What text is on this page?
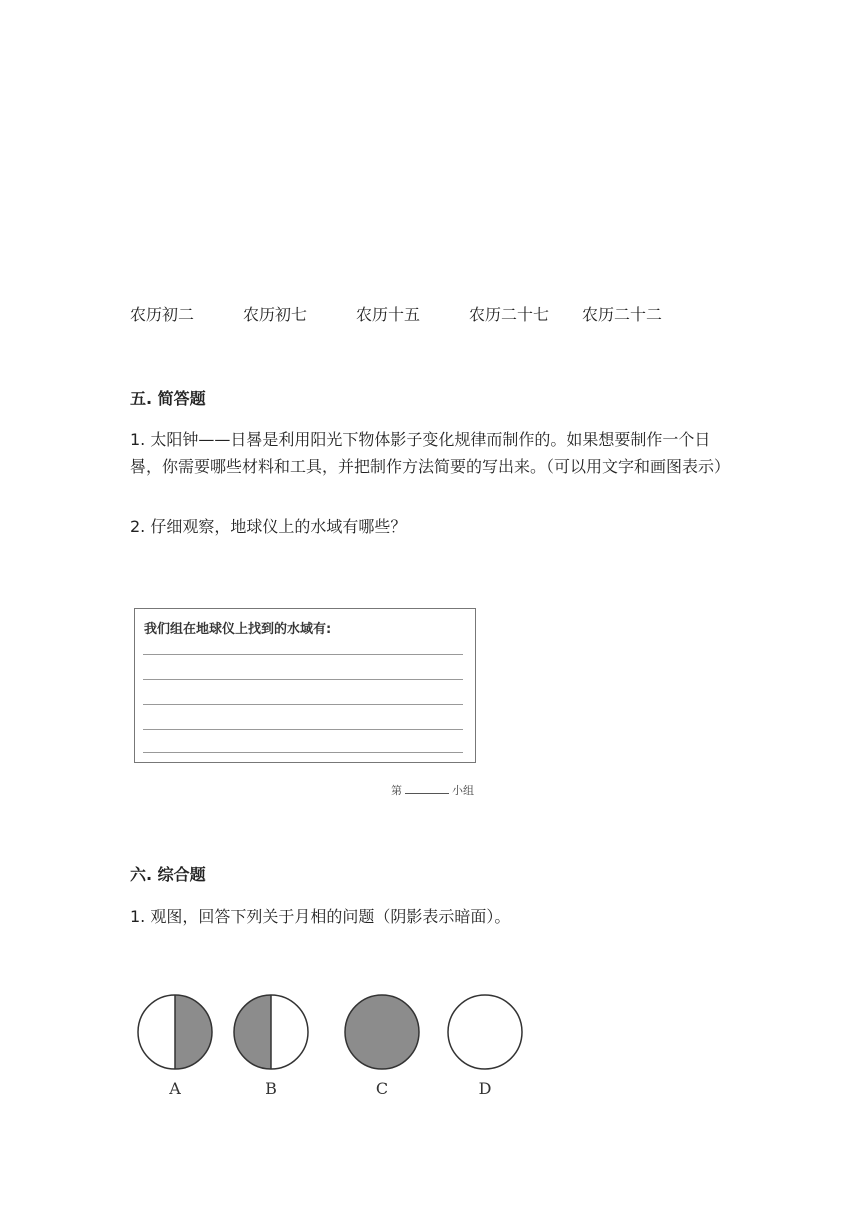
农历初二	农历初七	农历十五	农历二十七 农历二十二
五. 简答题
1. 太阳钟——日晷是利用阳光下物体影子变化规律而制作的。如果想要制作一个日晷，你需要哪些材料和工具，并把制作方法简要的写出来。（可以用文字和画图表示）
2. 仔细观察，地球仪上的水域有哪些？
我们组在地球仪上找到的水域有:
第	小组
六. 综合题
1. 观图，回答下列关于月相的问题（阴影表示暗面）。
A	B	C	D
